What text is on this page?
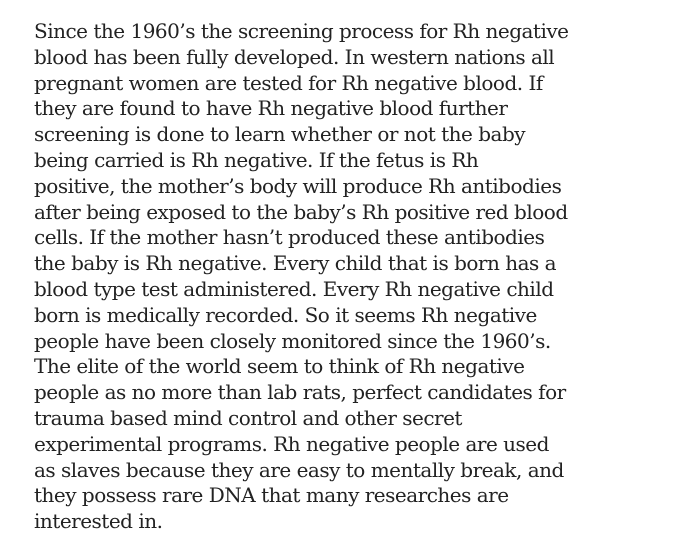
Since the 1960’s the screening process for Rh negative
blood has been fully developed. In western nations all
pregnant women are tested for Rh negative blood. If
they are found to have Rh negative blood further
screening is done to learn whether or not the baby
being carried is Rh negative. If the fetus is Rh
positive, the mother’s body will produce Rh antibodies
after being exposed to the baby’s Rh positive red blood
cells. If the mother hasn’t produced these antibodies
the baby is Rh negative. Every child that is born has a
blood type test administered. Every Rh negative child
born is medically recorded. So it seems Rh negative
people have been closely monitored since the 1960’s.
The elite of the world seem to think of Rh negative
people as no more than lab rats, perfect candidates for
trauma based mind control and other secret
experimental programs. Rh negative people are used
as slaves because they are easy to mentally break, and
they possess rare DNA that many researches are
interested in.
